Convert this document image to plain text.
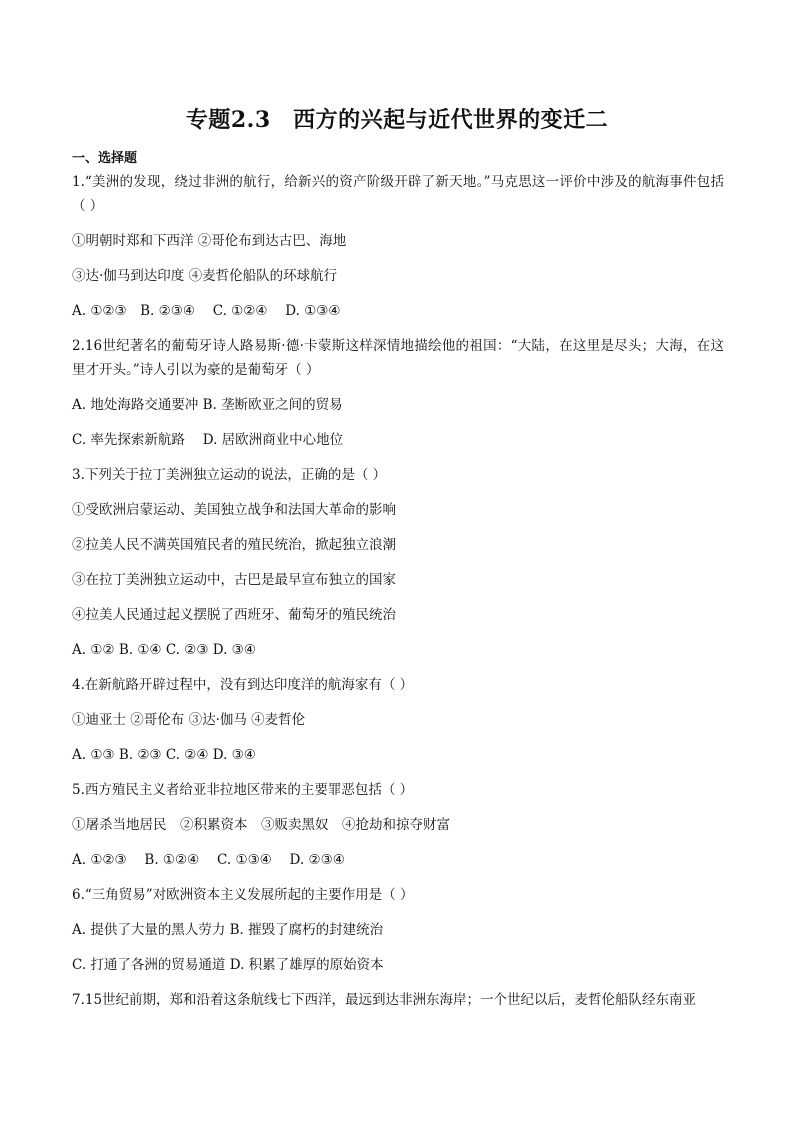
专题2.3　西方的兴起与近代世界的变迁二
一、选择题
1.“美洲的发现，绕过非洲的航行，给新兴的资产阶级开辟了新天地。”马克思这一评价中涉及的航海事件包括（ ）
①明朝时郑和下西洋 ②哥伦布到达古巴、海地
③达·伽马到达印度 ④麦哲伦船队的环球航行
A. ①②③　B. ②③④　 C. ①②④　 D. ①③④
2.16世纪著名的葡萄牙诗人路易斯·德·卡蒙斯这样深情地描绘他的祖国：“大陆，在这里是尽头；大海，在这里才开头。”诗人引以为豪的是葡萄牙（ ）
A. 地处海路交通要冲 B. 垄断欧亚之间的贸易
C. 率先探索新航路　 D. 居欧洲商业中心地位
3.下列关于拉丁美洲独立运动的说法，正确的是（ ）
①受欧洲启蒙运动、美国独立战争和法国大革命的影响
②拉美人民不满英国殖民者的殖民统治，掀起独立浪潮
③在拉丁美洲独立运动中，古巴是最早宣布独立的国家
④拉美人民通过起义摆脱了西班牙、葡萄牙的殖民统治
A. ①② B. ①④ C. ②③ D. ③④
4.在新航路开辟过程中，没有到达印度洋的航海家有（ ）
①迪亚士 ②哥伦布 ③达·伽马 ④麦哲伦
A. ①③ B. ②③ C. ②④ D. ③④
5.西方殖民主义者给亚非拉地区带来的主要罪恶包括（ ）
①屠杀当地居民　②积累资本　③贩卖黑奴　④抢劫和掠夺财富
A. ①②③　 B. ①②④　 C. ①③④　 D. ②③④
6.“三角贸易”对欧洲资本主义发展所起的主要作用是（ ）
A. 提供了大量的黑人劳力 B. 摧毁了腐朽的封建统治
C. 打通了各洲的贸易通道 D. 积累了雄厚的原始资本
7.15世纪前期，郑和沿着这条航线七下西洋，最远到达非洲东海岸；一个世纪以后，麦哲伦船队经东南亚
